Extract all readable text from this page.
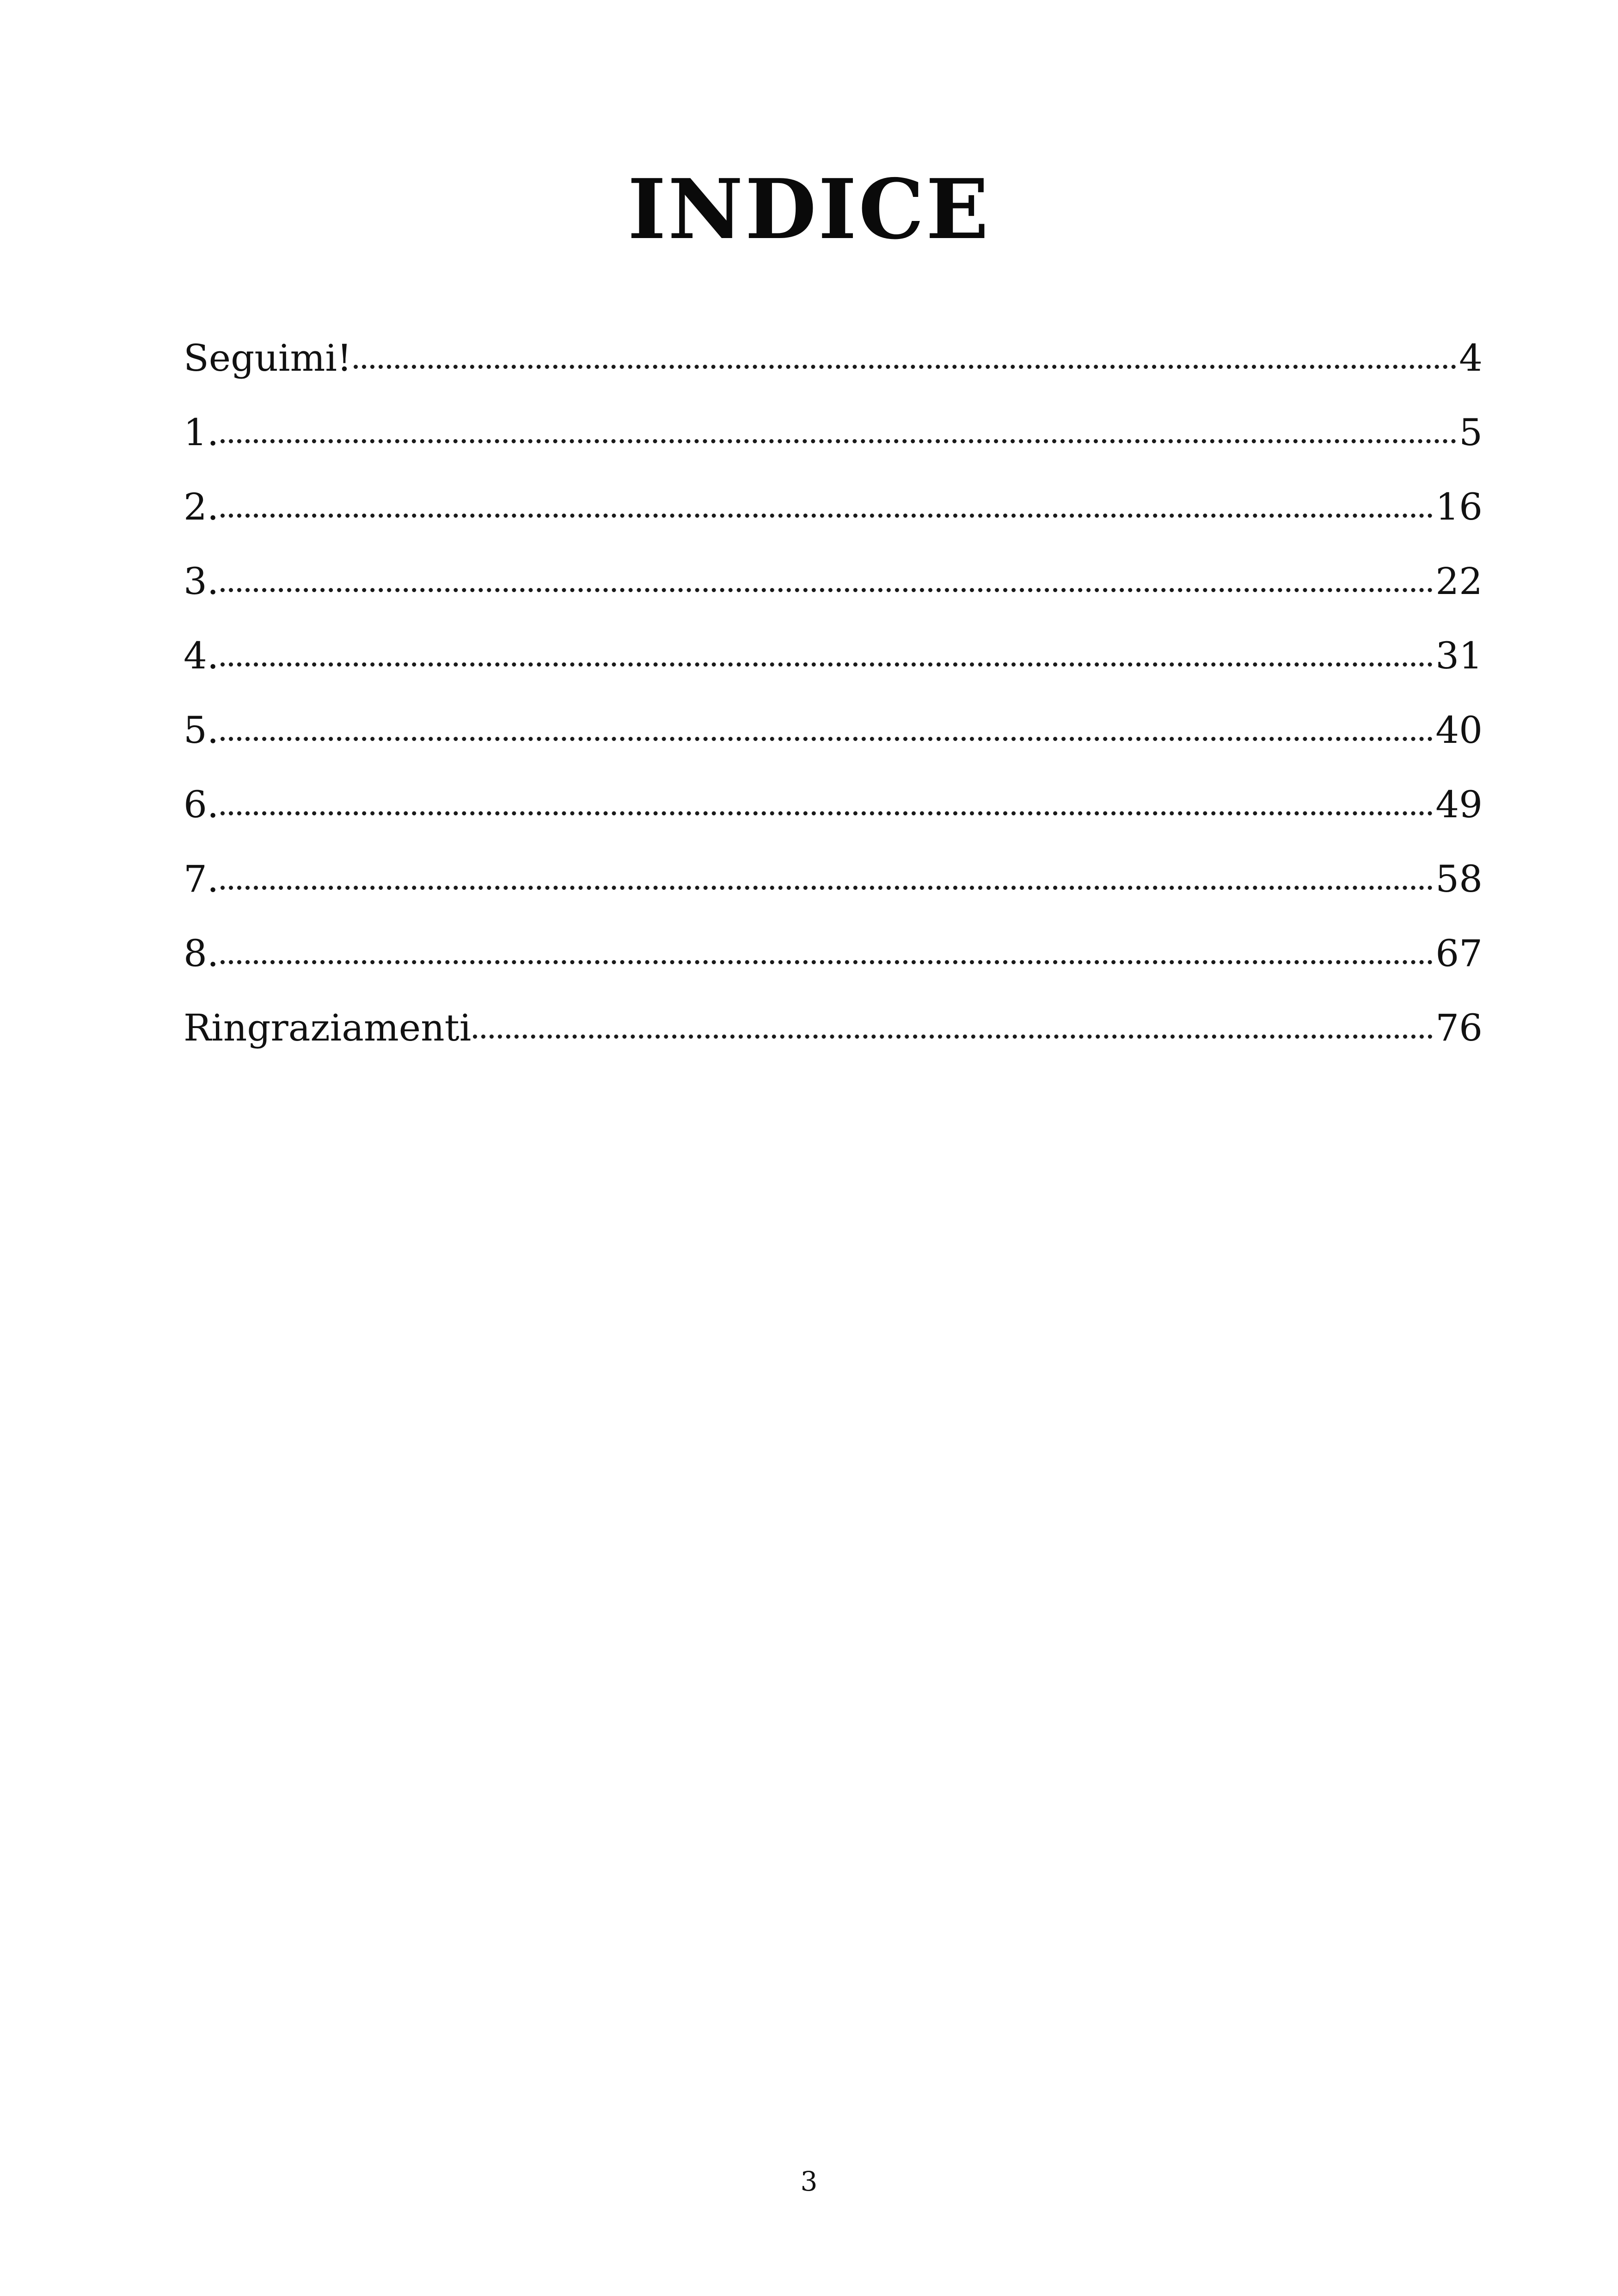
INDICE
Seguimi!	4
1.	5
2.	16
3.	22
4.	31
5.	40
6.	49
7.	58
8.	67
Ringraziamenti	76
3
